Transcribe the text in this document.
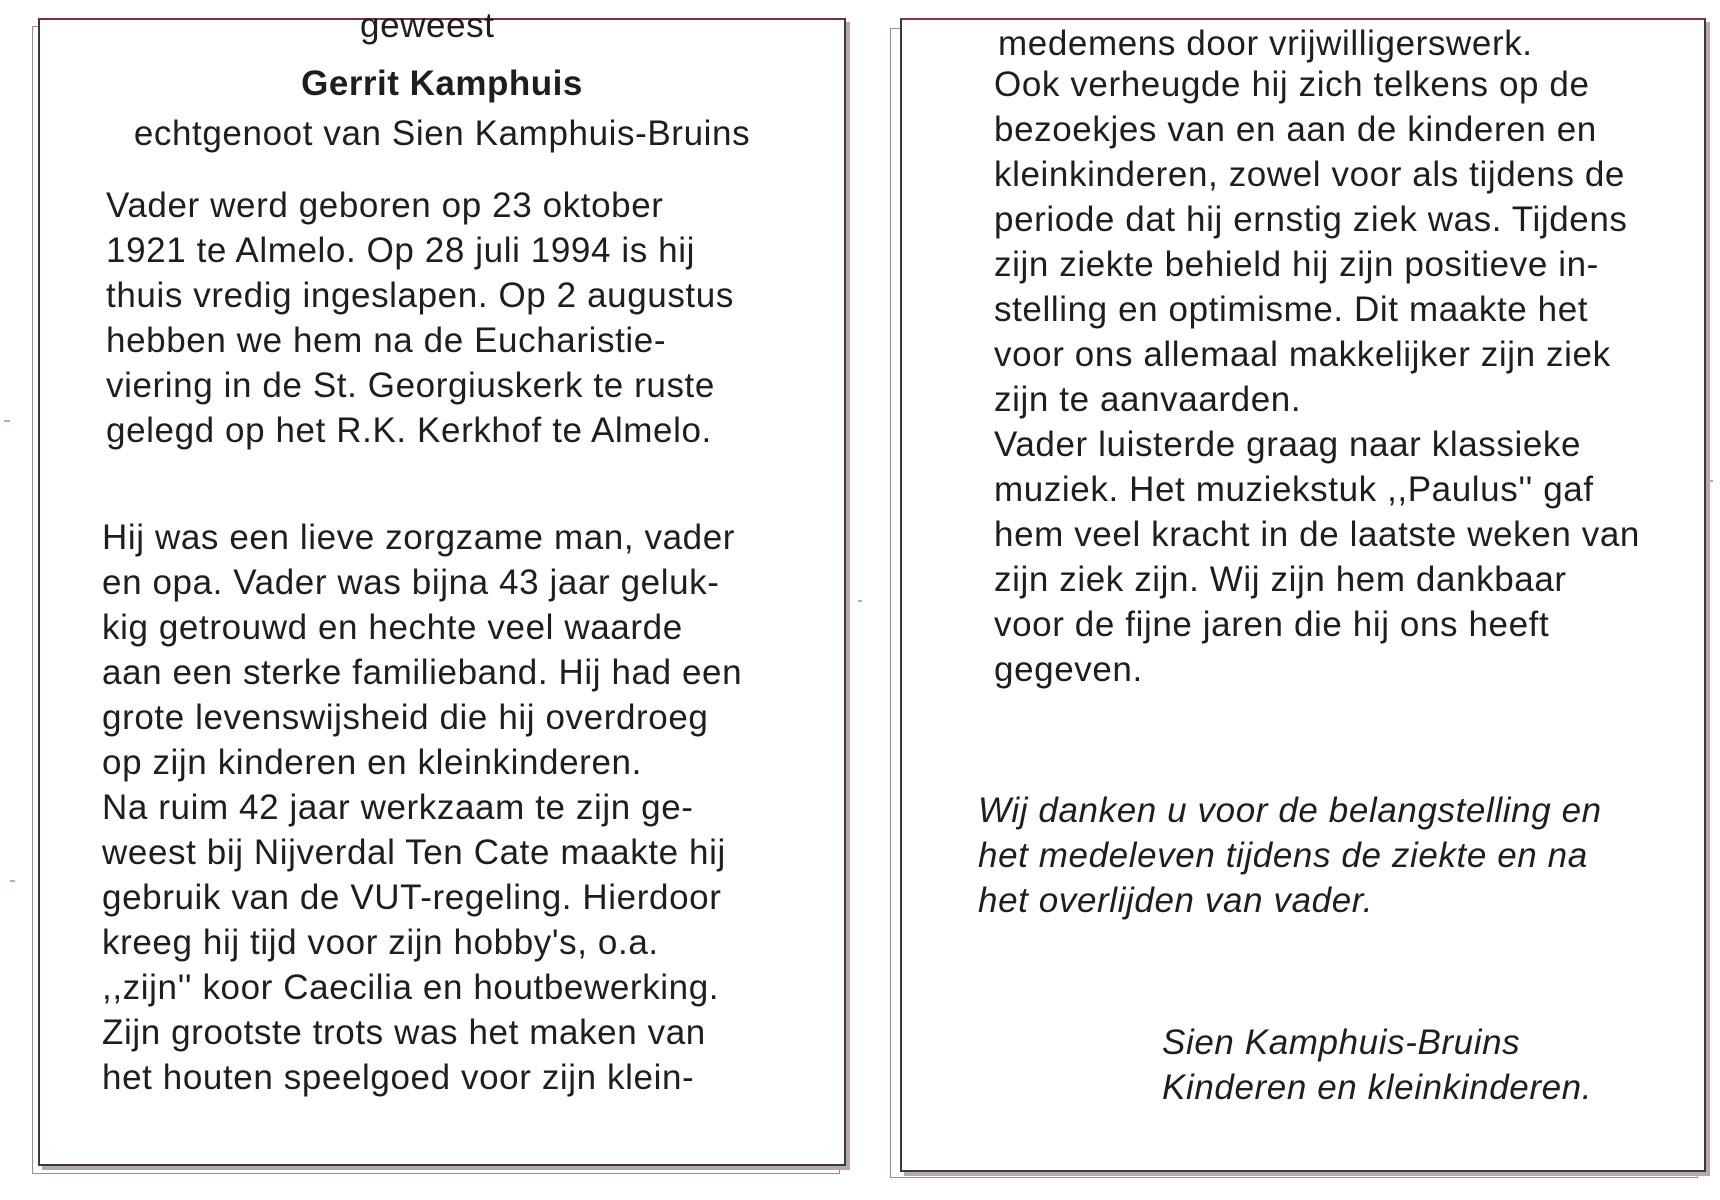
geweest

Gerrit Kamphuis

echtgenoot van Sien Kamphuis-Bruins

Vader werd geboren op 23 oktober
1921 te Almelo. Op 28 juli 1994 is hij
thuis vredig ingeslapen. Op 2 augustus
hebben we hem na de Eucharistie-
viering in de St. Georgiuskerk te ruste
gelegd op het R.K. Kerkhof te Almelo.

Hij was een lieve zorgzame man, vader
en opa. Vader was bijna 43 jaar geluk-
kig getrouwd en hechte veel waarde
aan een sterke familieband. Hij had een
grote levenswijsheid die hij overdroeg
op zijn kinderen en kleinkinderen.
Na ruim 42 jaar werkzaam te zijn ge-
weest bij Nijverdal Ten Cate maakte hij
gebruik van de VUT-regeling. Hierdoor
kreeg hij tijd voor zijn hobby's, o.a.
,,zijn'' koor Caecilia en houtbewerking.
Zijn grootste trots was het maken van
het houten speelgoed voor zijn klein-

medemens door vrijwilligerswerk.

Ook verheugde hij zich telkens op de
bezoekjes van en aan de kinderen en
kleinkinderen, zowel voor als tijdens de
periode dat hij ernstig ziek was. Tijdens
zijn ziekte behield hij zijn positieve in-
stelling en optimisme. Dit maakte het
voor ons allemaal makkelijker zijn ziek
zijn te aanvaarden.
Vader luisterde graag naar klassieke
muziek. Het muziekstuk ,,Paulus'' gaf
hem veel kracht in de laatste weken van
zijn ziek zijn. Wij zijn hem dankbaar
voor de fijne jaren die hij ons heeft
gegeven.

Wij danken u voor de belangstelling en
het medeleven tijdens de ziekte en na
het overlijden van vader.

Sien Kamphuis-Bruins
Kinderen en kleinkinderen.
